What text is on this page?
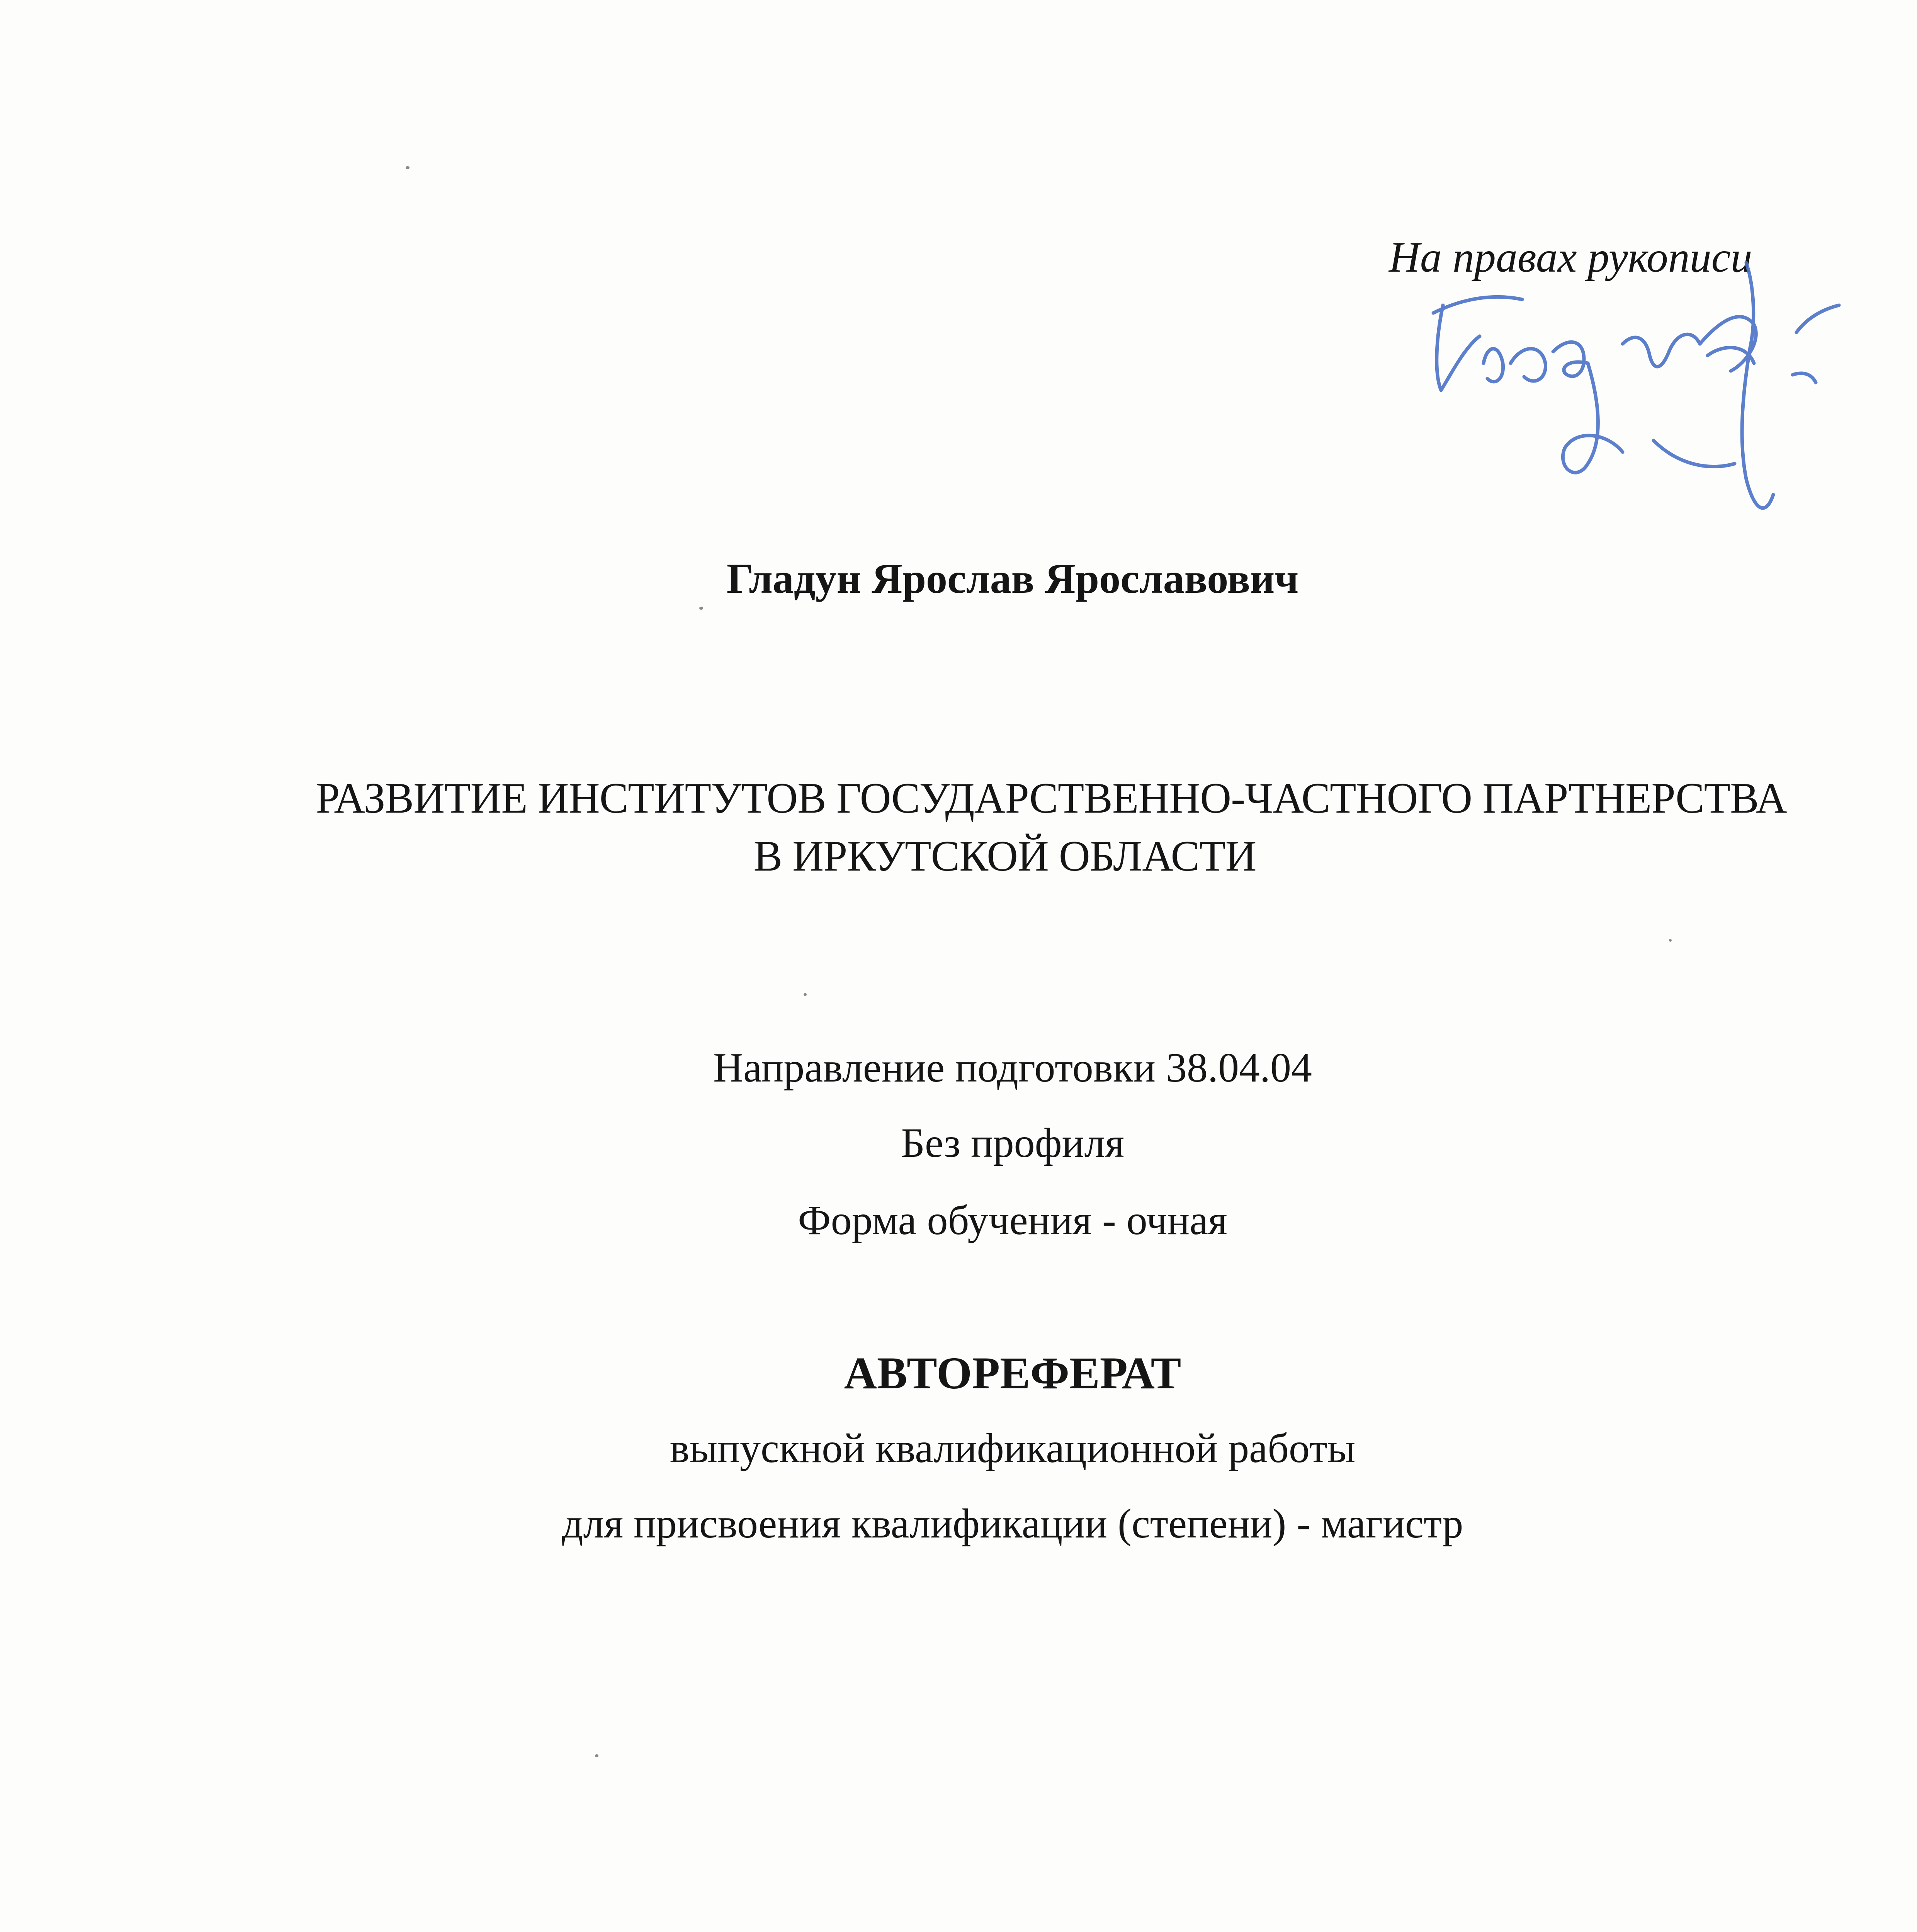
На правах рукописи
Гладун Ярослав Ярославович
РАЗВИТИЕ ИНСТИТУТОВ ГОСУДАРСТВЕННО-ЧАСТНОГО ПАРТНЕРСТВА
В ИРКУТСКОЙ ОБЛАСТИ
Направление подготовки 38.04.04
Без профиля
Форма обучения - очная
АВТОРЕФЕРАТ
выпускной квалификационной работы
для присвоения квалификации (степени) - магистр
